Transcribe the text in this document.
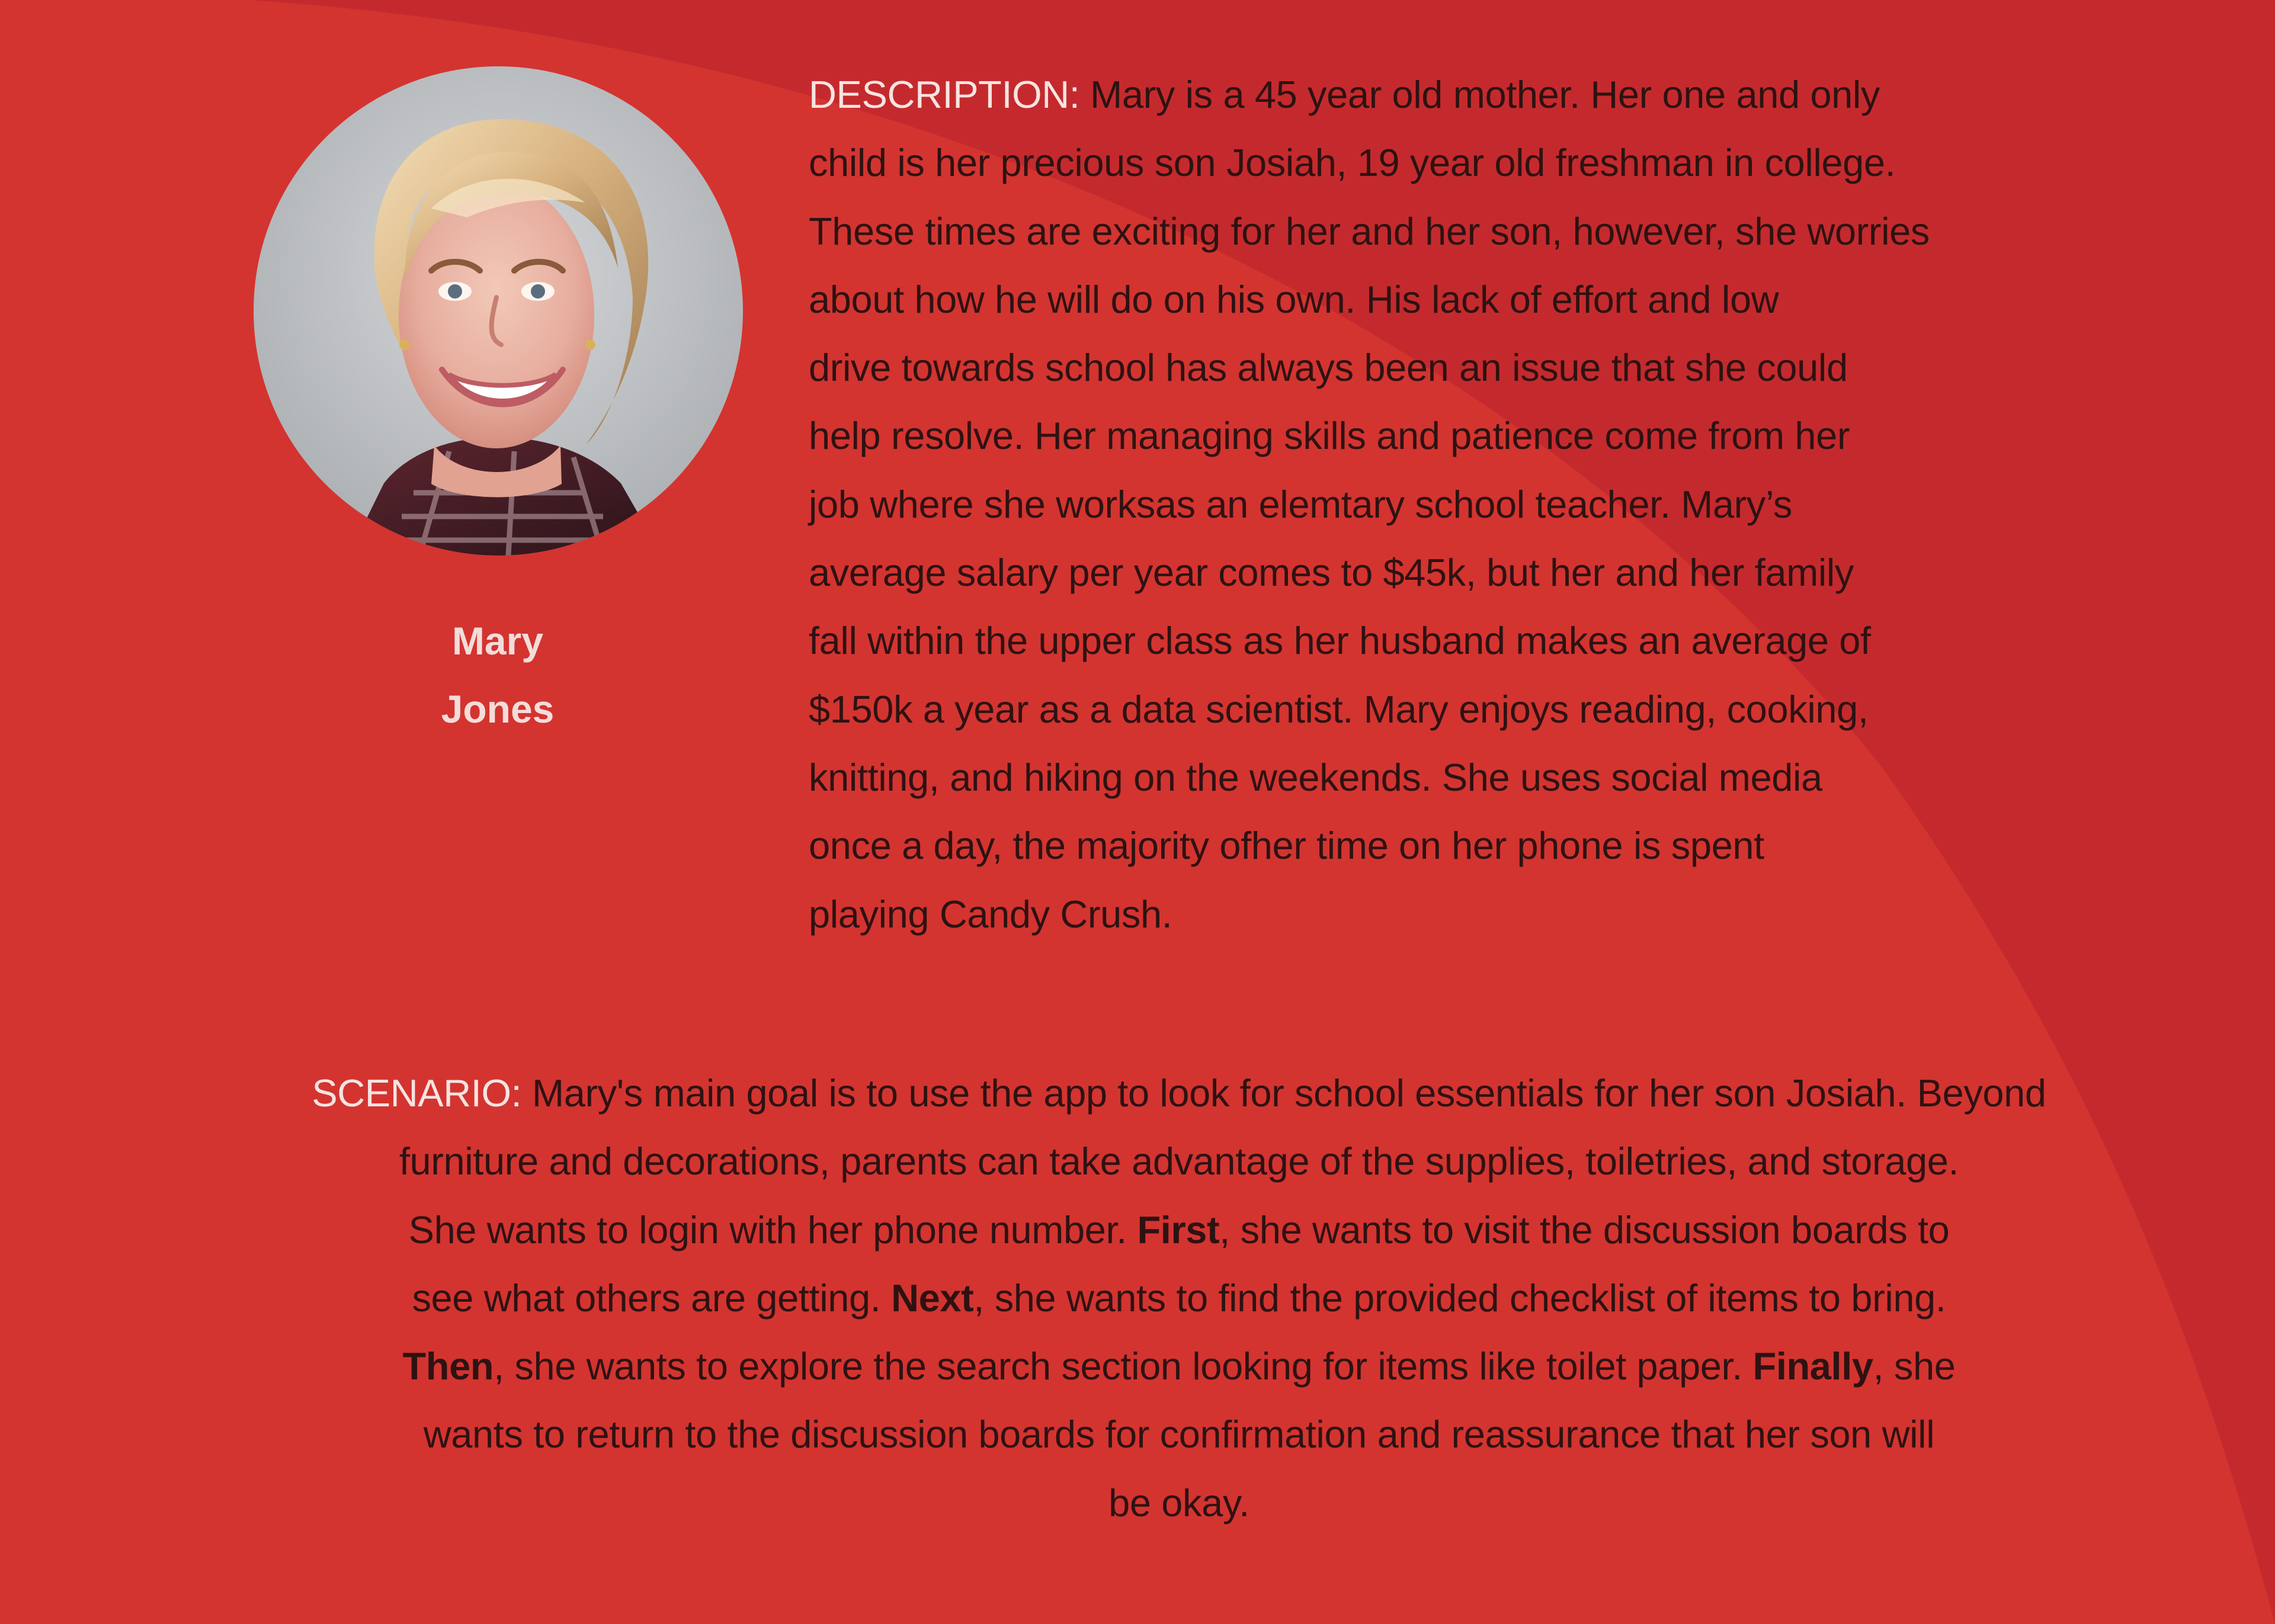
Mary
Jones

DESCRIPTION: Mary is a 45 year old mother. Her one and only
child is her precious son Josiah, 19 year old freshman in college.
These times are exciting for her and her son, however, she worries
about how he will do on his own. His lack of effort and low
drive towards school has always been an issue that she could
help resolve. Her managing skills and patience come from her
job where she worksas an elemtary school teacher. Mary’s
average salary per year comes to $45k, but her and her family
fall within the upper class as her husband makes an average of
$150k a year as a data scientist. Mary enjoys reading, cooking,
knitting, and hiking on the weekends. She uses social media
once a day, the majority ofher time on her phone is spent
playing Candy Crush.

SCENARIO: Mary's main goal is to use the app to look for school essentials for her son Josiah. Beyond
furniture and decorations, parents can take advantage of the supplies, toiletries, and storage.
She wants to login with her phone number. First, she wants to visit the discussion boards to
see what others are getting. Next, she wants to find the provided checklist of items to bring.
Then, she wants to explore the search section looking for items like toilet paper. Finally, she
wants to return to the discussion boards for confirmation and reassurance that her son will
be okay.
